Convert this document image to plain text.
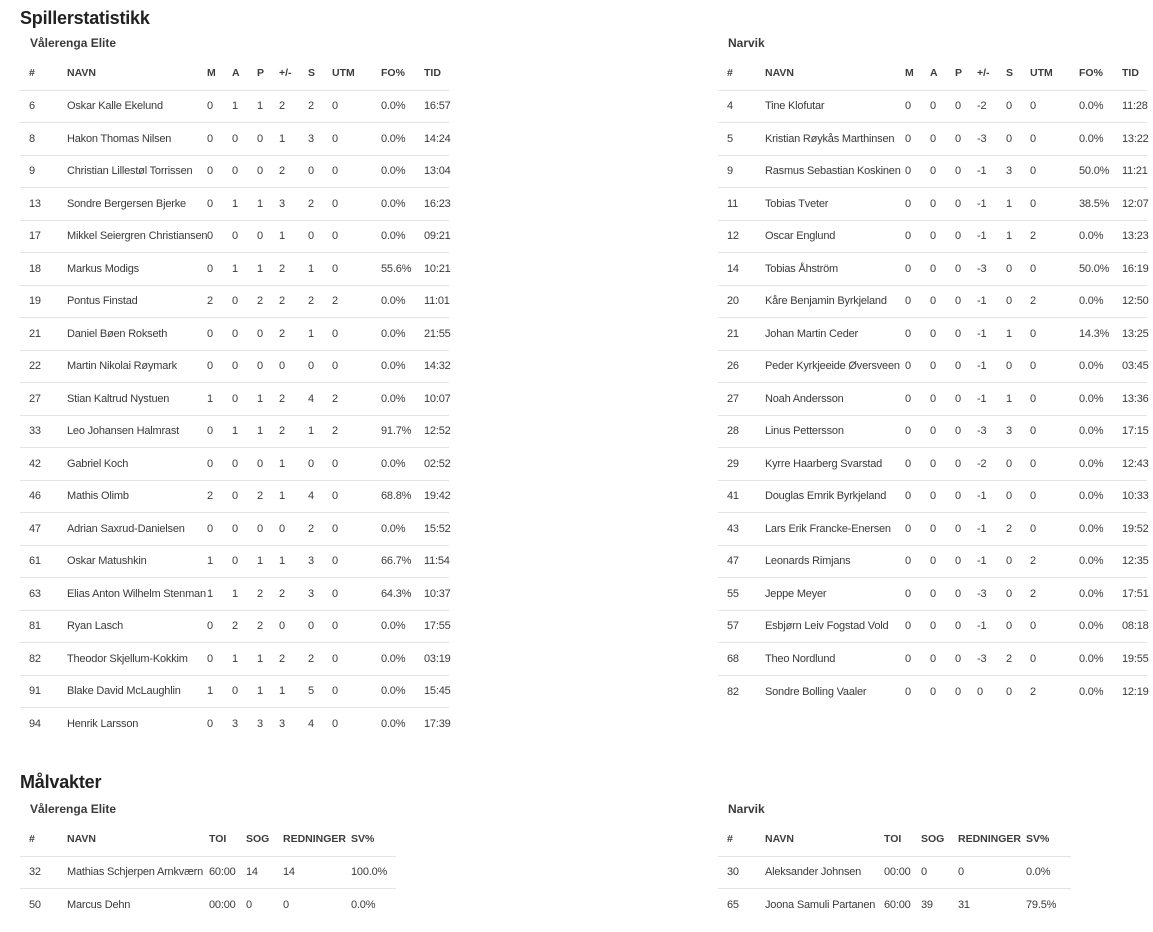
Spillerstatistikk
Vålerenga Elite
#	NAVN	M	A	P	+/-	S	UTM	FO%	TID
6	Oskar Kalle Ekelund	0	1	1	2	2	0	0.0%	16:57
8	Hakon Thomas Nilsen	0	0	0	1	3	0	0.0%	14:24
9	Christian Lillestøl Torrissen	0	0	0	2	0	0	0.0%	13:04
13	Sondre Bergersen Bjerke	0	1	1	3	2	0	0.0%	16:23
17	Mikkel Seiergren Christiansen	0	0	0	1	0	0	0.0%	09:21
18	Markus Modigs	0	1	1	2	1	0	55.6%	10:21
19	Pontus Finstad	2	0	2	2	2	2	0.0%	11:01
21	Daniel Bøen Rokseth	0	0	0	2	1	0	0.0%	21:55
22	Martin Nikolai Røymark	0	0	0	0	0	0	0.0%	14:32
27	Stian Kaltrud Nystuen	1	0	1	2	4	2	0.0%	10:07
33	Leo Johansen Halmrast	0	1	1	2	1	2	91.7%	12:52
42	Gabriel Koch	0	0	0	1	0	0	0.0%	02:52
46	Mathis Olimb	2	0	2	1	4	0	68.8%	19:42
47	Adrian Saxrud-Danielsen	0	0	0	0	2	0	0.0%	15:52
61	Oskar Matushkin	1	0	1	1	3	0	66.7%	11:54
63	Elias Anton Wilhelm Stenman	1	1	2	2	3	0	64.3%	10:37
81	Ryan Lasch	0	2	2	0	0	0	0.0%	17:55
82	Theodor Skjellum-Kokkim	0	1	1	2	2	0	0.0%	03:19
91	Blake David McLaughlin	1	0	1	1	5	0	0.0%	15:45
94	Henrik Larsson	0	3	3	3	4	0	0.0%	17:39
Narvik
#	NAVN	M	A	P	+/-	S	UTM	FO%	TID
4	Tine Klofutar	0	0	0	-2	0	0	0.0%	11:28
5	Kristian Røykås Marthinsen	0	0	0	-3	0	0	0.0%	13:22
9	Rasmus Sebastian Koskinen	0	0	0	-1	3	0	50.0%	11:21
11	Tobias Tveter	0	0	0	-1	1	0	38.5%	12:07
12	Oscar Englund	0	0	0	-1	1	2	0.0%	13:23
14	Tobias Åhström	0	0	0	-3	0	0	50.0%	16:19
20	Kåre Benjamin Byrkjeland	0	0	0	-1	0	2	0.0%	12:50
21	Johan Martin Ceder	0	0	0	-1	1	0	14.3%	13:25
26	Peder Kyrkjeeide Øversveen	0	0	0	-1	0	0	0.0%	03:45
27	Noah Andersson	0	0	0	-1	1	0	0.0%	13:36
28	Linus Pettersson	0	0	0	-3	3	0	0.0%	17:15
29	Kyrre Haarberg Svarstad	0	0	0	-2	0	0	0.0%	12:43
41	Douglas Emrik Byrkjeland	0	0	0	-1	0	0	0.0%	10:33
43	Lars Erik Francke-Enersen	0	0	0	-1	2	0	0.0%	19:52
47	Leonards Rimjans	0	0	0	-1	0	2	0.0%	12:35
55	Jeppe Meyer	0	0	0	-3	0	2	0.0%	17:51
57	Esbjørn Leiv Fogstad Vold	0	0	0	-1	0	0	0.0%	08:18
68	Theo Nordlund	0	0	0	-3	2	0	0.0%	19:55
82	Sondre Bolling Vaaler	0	0	0	0	0	2	0.0%	12:19
Målvakter
Vålerenga Elite
#	NAVN	TOI	SOG	REDNINGER	SV%
32	Mathias Schjerpen Arnkværn	60:00	14	14	100.0%
50	Marcus Dehn	00:00	0	0	0.0%
Narvik
#	NAVN	TOI	SOG	REDNINGER	SV%
30	Aleksander Johnsen	00:00	0	0	0.0%
65	Joona Samuli Partanen	60:00	39	31	79.5%
